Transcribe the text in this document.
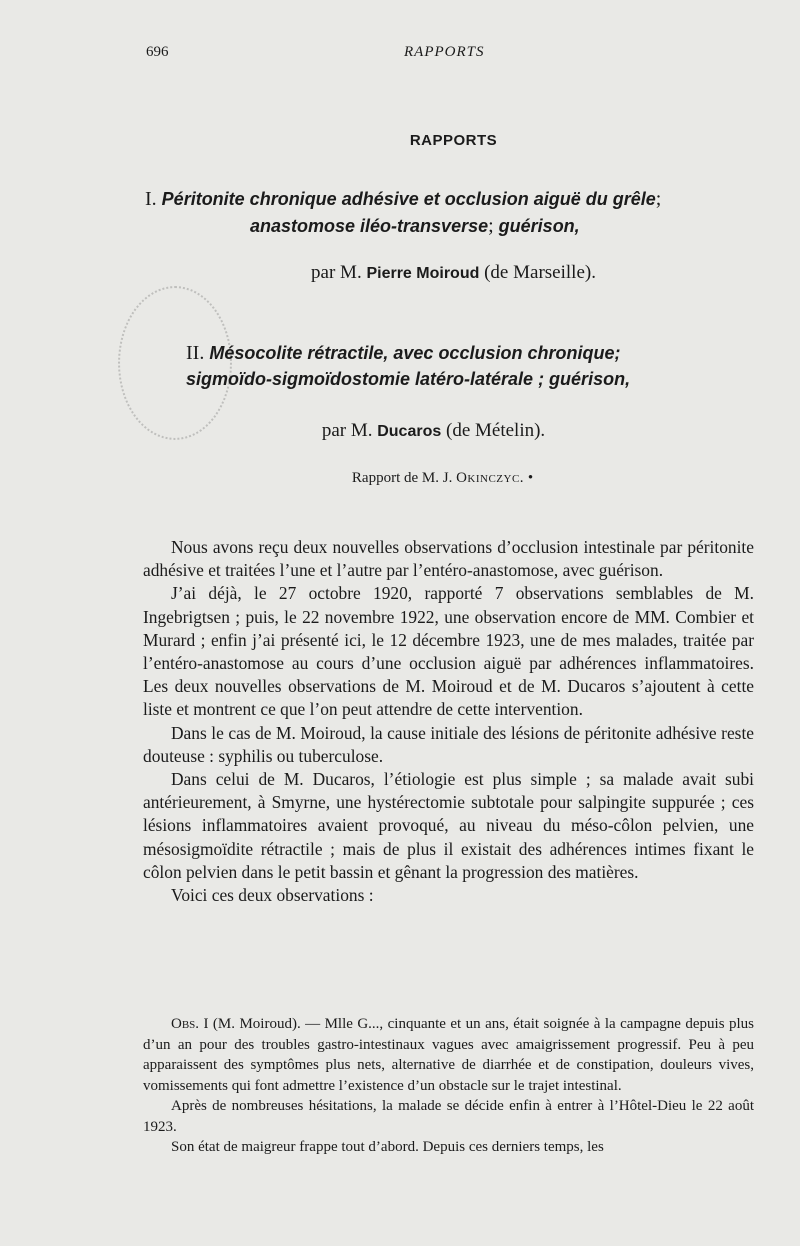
696	RAPPORTS
RAPPORTS
I. Péritonite chronique adhésive et occlusion aiguë du grêle;
anastomose iléo-transverse; guérison,
par M. Pierre Moiroud (de Marseille).
II. Mésocolite rétractile, avec occlusion chronique;
sigmoïdo-sigmoïdostomie latéro-latérale ; guérison,
par M. Ducaros (de Mételin).
Rapport de M. J. Okinczyc. •

Nous avons reçu deux nouvelles observations d’occlusion intestinale par péritonite adhésive et traitées l’une et l’autre par l’entéro-anastomose, avec guérison.

J’ai déjà, le 27 octobre 1920, rapporté 7 observations semblables de M. Ingebrigtsen ; puis, le 22 novembre 1922, une observation encore de MM. Combier et Murard ; enfin j’ai présenté ici, le 12 décembre 1923, une de mes malades, traitée par l’entéro-anastomose au cours d’une occlusion aiguë par adhérences inflammatoires. Les deux nouvelles observations de M. Moiroud et de M. Ducaros s’ajoutent à cette liste et montrent ce que l’on peut attendre de cette intervention.

Dans le cas de M. Moiroud, la cause initiale des lésions de péritonite adhésive reste douteuse : syphilis ou tuberculose.

Dans celui de M. Ducaros, l’étiologie est plus simple ; sa malade avait subi antérieurement, à Smyrne, une hystérectomie subtotale pour salpingite suppurée ; ces lésions inflammatoires avaient provoqué, au niveau du méso-côlon pelvien, une mésosigmoïdite rétractile ; mais de plus il existait des adhérences intimes fixant le côlon pelvien dans le petit bassin et gênant la progression des matières.

Voici ces deux observations :

Obs. I (M. Moiroud). — Mlle G..., cinquante et un ans, était soignée à la campagne depuis plus d’un an pour des troubles gastro-intestinaux vagues avec amaigrissement progressif. Peu à peu apparaissent des symptômes plus nets, alternative de diarrhée et de constipation, douleurs vives, vomissements qui font admettre l’existence d’un obstacle sur le trajet intestinal.

Après de nombreuses hésitations, la malade se décide enfin à entrer à l’Hôtel-Dieu le 22 août 1923.

Son état de maigreur frappe tout d’abord. Depuis ces derniers temps, les
